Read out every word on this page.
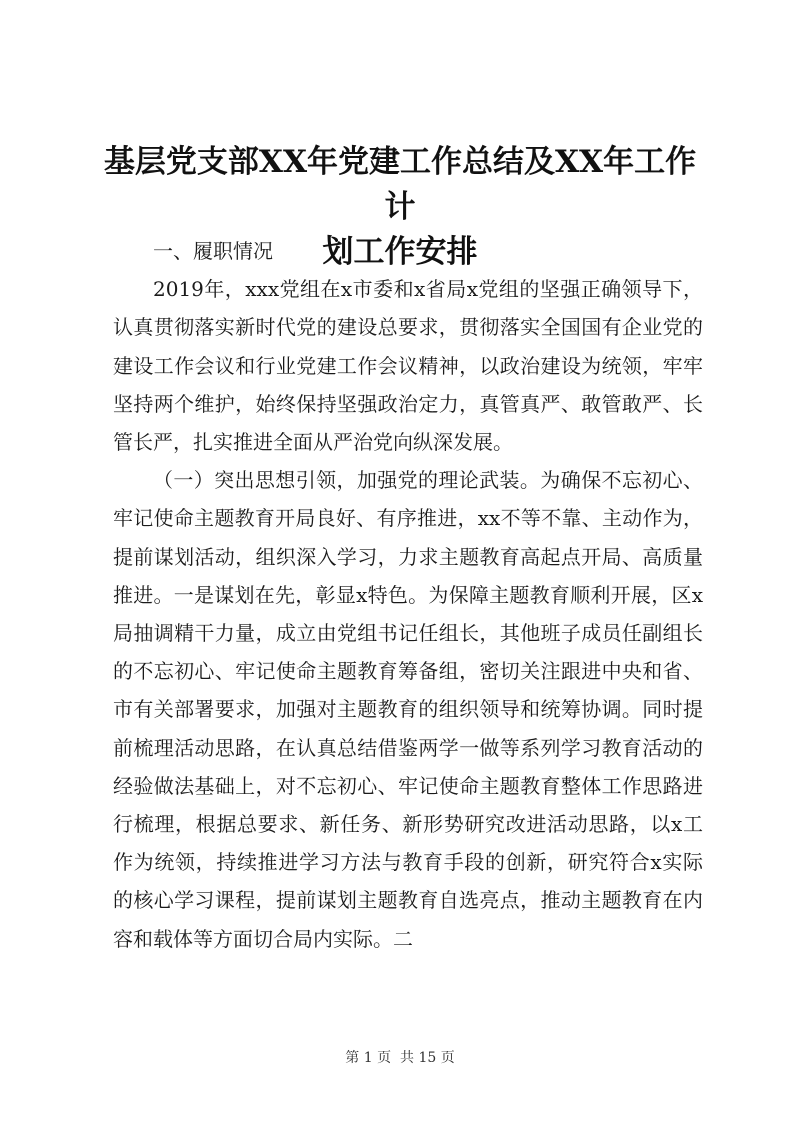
基层党支部XX年党建工作总结及XX年工作计
划工作安排

一、履职情况

2019年，xxx党组在x市委和x省局x党组的坚强正确领导下，认真贯彻落实新时代党的建设总要求，贯彻落实全国国有企业党的建设工作会议和行业党建工作会议精神，以政治建设为统领，牢牢坚持两个维护，始终保持坚强政治定力，真管真严、敢管敢严、长管长严，扎实推进全面从严治党向纵深发展。

（一）突出思想引领，加强党的理论武装。为确保不忘初心、牢记使命主题教育开局良好、有序推进，xx不等不靠、主动作为，提前谋划活动，组织深入学习，力求主题教育高起点开局、高质量推进。一是谋划在先，彰显x特色。为保障主题教育顺利开展，区x局抽调精干力量，成立由党组书记任组长，其他班子成员任副组长的不忘初心、牢记使命主题教育筹备组，密切关注跟进中央和省、市有关部署要求，加强对主题教育的组织领导和统筹协调。同时提前梳理活动思路，在认真总结借鉴两学一做等系列学习教育活动的经验做法基础上，对不忘初心、牢记使命主题教育整体工作思路进行梳理，根据总要求、新任务、新形势研究改进活动思路，以x工作为统领，持续推进学习方法与教育手段的创新，研究符合x实际的核心学习课程，提前谋划主题教育自选亮点，推动主题教育在内容和载体等方面切合局内实际。二

第 1 页  共 15 页
